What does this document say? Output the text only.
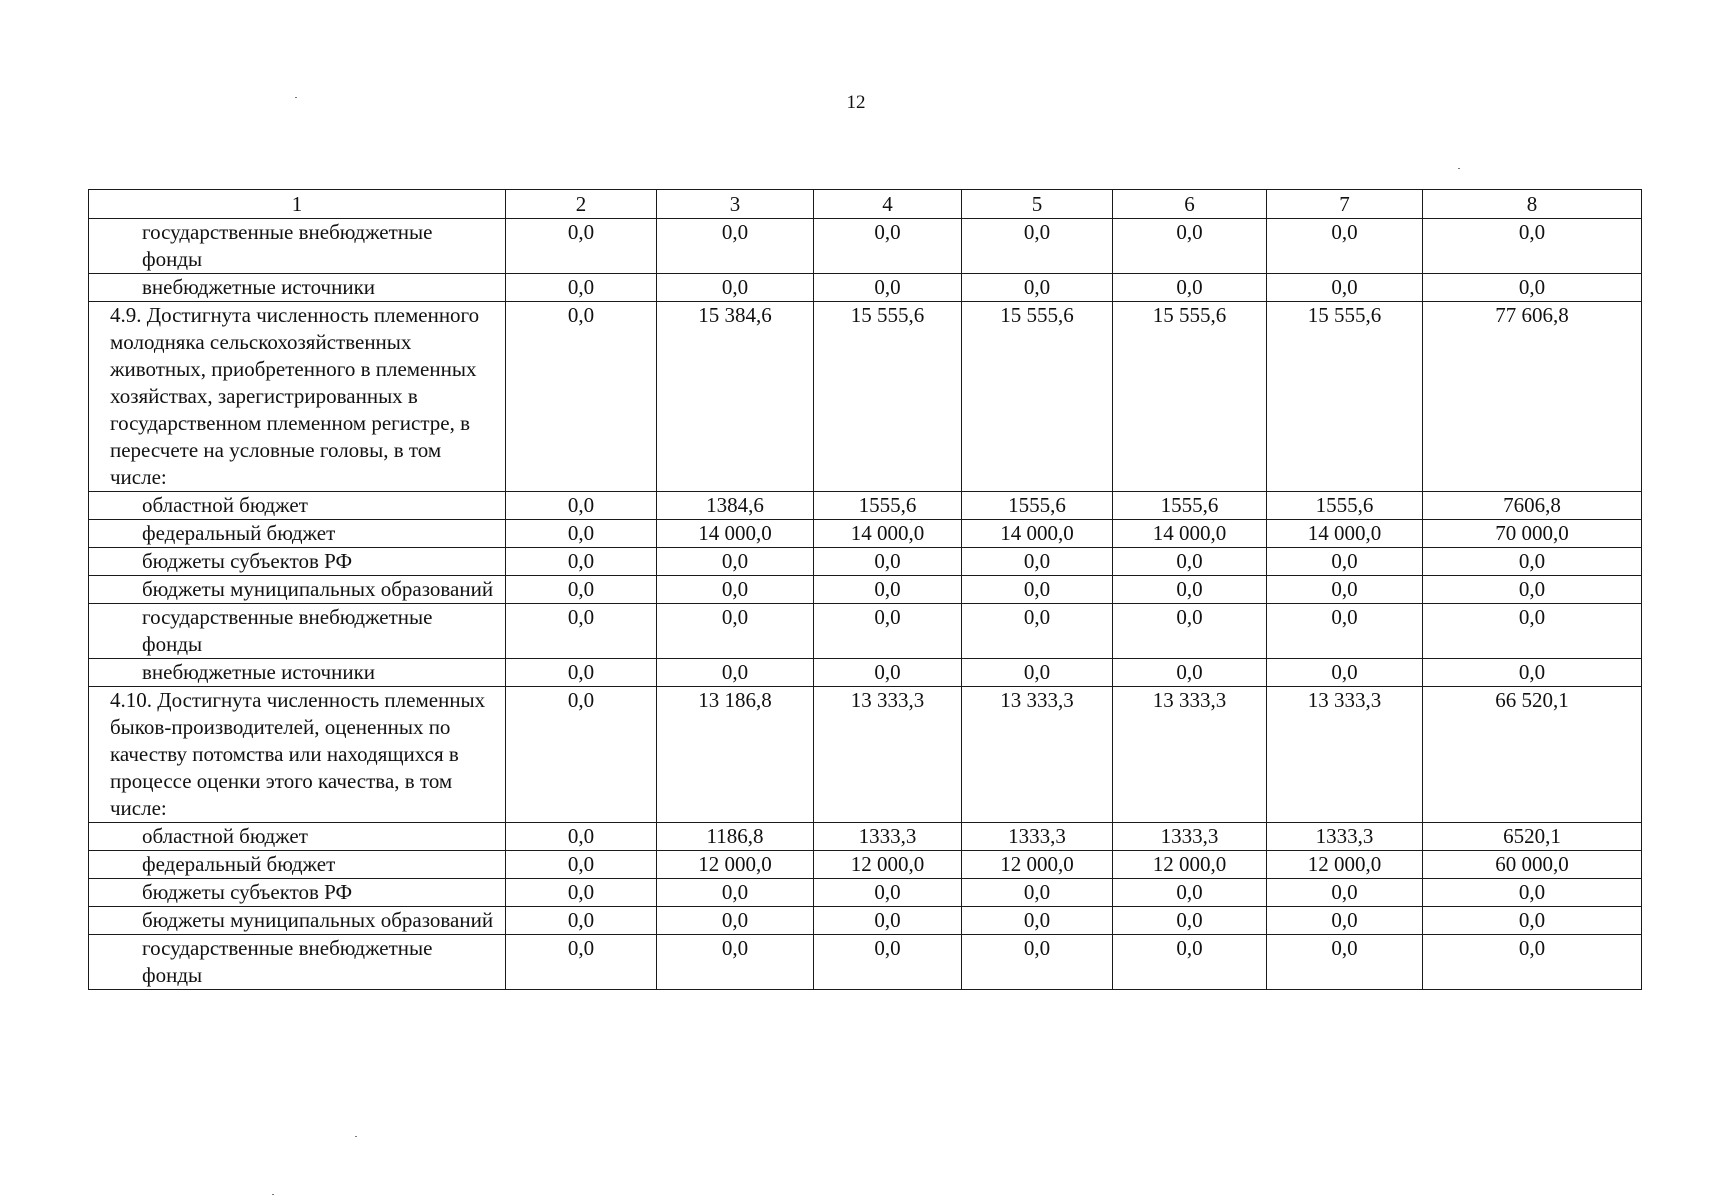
12
1	2	3	4	5	6	7	8
государственные внебюджетные фонды	0,0	0,0	0,0	0,0	0,0	0,0	0,0
внебюджетные источники	0,0	0,0	0,0	0,0	0,0	0,0	0,0
4.9. Достигнута численность племенного молодняка сельскохозяйственных животных, приобретенного в племенных хозяйствах, зарегистрированных в государственном племенном регистре, в пересчете на условные головы, в том числе:	0,0	15 384,6	15 555,6	15 555,6	15 555,6	15 555,6	77 606,8
областной бюджет	0,0	1384,6	1555,6	1555,6	1555,6	1555,6	7606,8
федеральный бюджет	0,0	14 000,0	14 000,0	14 000,0	14 000,0	14 000,0	70 000,0
бюджеты субъектов РФ	0,0	0,0	0,0	0,0	0,0	0,0	0,0
бюджеты муниципальных образований	0,0	0,0	0,0	0,0	0,0	0,0	0,0
государственные внебюджетные фонды	0,0	0,0	0,0	0,0	0,0	0,0	0,0
внебюджетные источники	0,0	0,0	0,0	0,0	0,0	0,0	0,0
4.10. Достигнута численность племенных быков-производителей, оцененных по качеству потомства или находящихся в процессе оценки этого качества, в том числе:	0,0	13 186,8	13 333,3	13 333,3	13 333,3	13 333,3	66 520,1
областной бюджет	0,0	1186,8	1333,3	1333,3	1333,3	1333,3	6520,1
федеральный бюджет	0,0	12 000,0	12 000,0	12 000,0	12 000,0	12 000,0	60 000,0
бюджеты субъектов РФ	0,0	0,0	0,0	0,0	0,0	0,0	0,0
бюджеты муниципальных образований	0,0	0,0	0,0	0,0	0,0	0,0	0,0
государственные внебюджетные фонды	0,0	0,0	0,0	0,0	0,0	0,0	0,0
